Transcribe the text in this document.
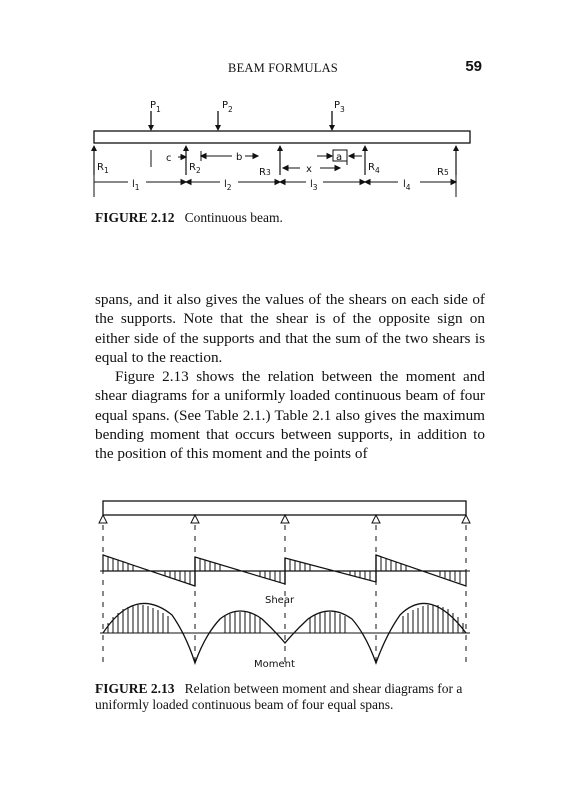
BEAM FORMULAS	59
$P_1$	$P_2$	$P_3$
$R_1$	$R_2$	R3	$R_4$	R5
c	b
x
a
$l_1$	$l_2$	$l_3$	$l_4$
FIGURE 2.12 Continuous beam.

spans, and it also gives the values of the shears on each side of the supports. Note that the shear is of the opposite sign on either side of the supports and that the sum of the two shears is equal to the reaction.

Figure 2.13 shows the relation between the moment and shear diagrams for a uniformly loaded continuous beam of four equal spans. (See Table 2.1.) Table 2.1 also gives the maximum bending moment that occurs between supports, in addition to the position of this moment and the points of

Shear
Moment
FIGURE 2.13 Relation between moment and shear diagrams for a uniformly loaded continuous beam of four equal spans.
